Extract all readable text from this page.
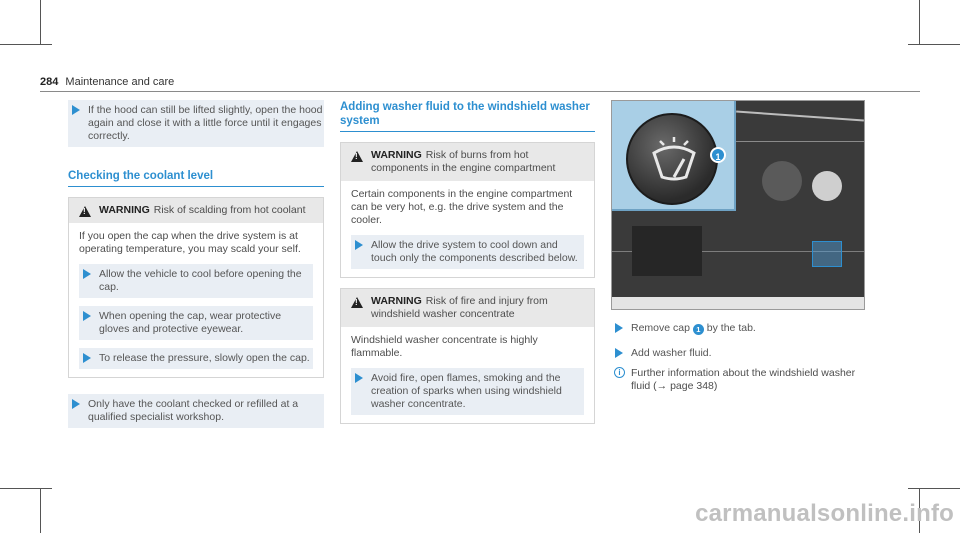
284 Maintenance and care

If the hood can still be lifted slightly, open the hood again and close it with a little force until it engages correctly.

Checking the coolant level
!
WARNING Risk of scalding from hot coolant

If you open the cap when the drive system is at operating temperature, you may scald your self.

Allow the vehicle to cool before opening the cap.

When opening the cap, wear protective gloves and protective eyewear.

To release the pressure, slowly open the cap.

Only have the coolant checked or refilled at a qualified specialist workshop.

Adding washer fluid to the windshield washer system
!
WARNING Risk of burns from hot components in the engine compartment

Certain components in the engine compartment can be very hot, e.g. the drive system and the cooler.

Allow the drive system to cool down and touch only the components described below.

!
WARNING Risk of fire and injury from windshield washer concentrate

Windshield washer concentrate is highly flammable.

Avoid fire, open flames, smoking and the creation of sparks when using windshield washer concentrate.

1

Remove cap 1 by the tab.

Add washer fluid.

i Further information about the windshield washer fluid (→ page 348)

carmanualsonline.info
